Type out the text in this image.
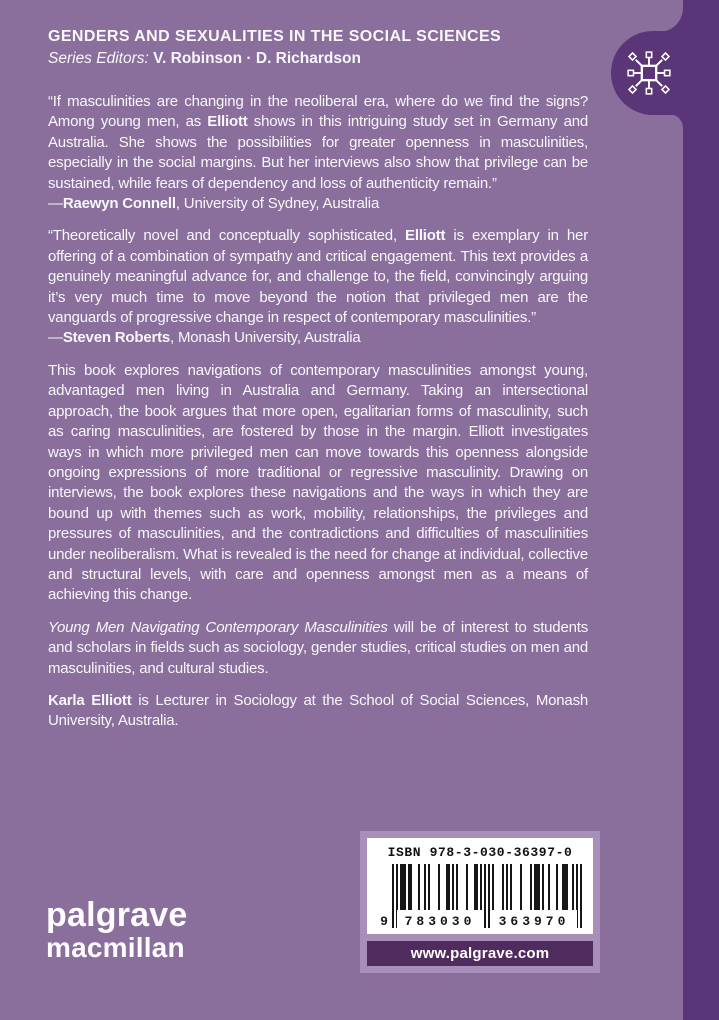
GENDERS AND SEXUALITIES IN THE SOCIAL SCIENCES
Series Editors: V. Robinson · D. Richardson

“If masculinities are changing in the neoliberal era, where do we find the signs? Among young men, as Elliott shows in this intriguing study set in Germany and Australia. She shows the possibilities for greater openness in masculinities, especially in the social margins. But her interviews also show that privilege can be sustained, while fears of dependency and loss of authenticity remain.”

—Raewyn Connell, University of Sydney, Australia

“Theoretically novel and conceptually sophisticated, Elliott is exemplary in her offering of a combination of sympathy and critical engagement. This text provides a genuinely meaningful advance for, and challenge to, the field, convincingly arguing it’s very much time to move beyond the notion that privileged men are the vanguards of progressive change in respect of contemporary masculinities.”

—Steven Roberts, Monash University, Australia

This book explores navigations of contemporary masculinities amongst young, advantaged men living in Australia and Germany. Taking an intersectional approach, the book argues that more open, egalitarian forms of masculinity, such as caring masculinities, are fostered by those in the margin. Elliott investigates ways in which more privileged men can move towards this openness alongside ongoing expressions of more traditional or regressive masculinity. Drawing on interviews, the book explores these navigations and the ways in which they are bound up with themes such as work, mobility, relationships, the privileges and pressures of masculinities, and the contradictions and difficulties of masculinities under neoliberalism. What is revealed is the need for change at individual, collective and structural levels, with care and openness amongst men as a means of achieving this change.

Young Men Navigating Contemporary Masculinities will be of interest to students and scholars in fields such as sociology, gender studies, critical studies on men and masculinities, and cultural studies.

Karla Elliott is Lecturer in Sociology at the School of Social Sciences, Monash University, Australia.

palgrave
macmillan
ISBN 978-3-030-36397-0
9 783030 363970
www.palgrave.com
